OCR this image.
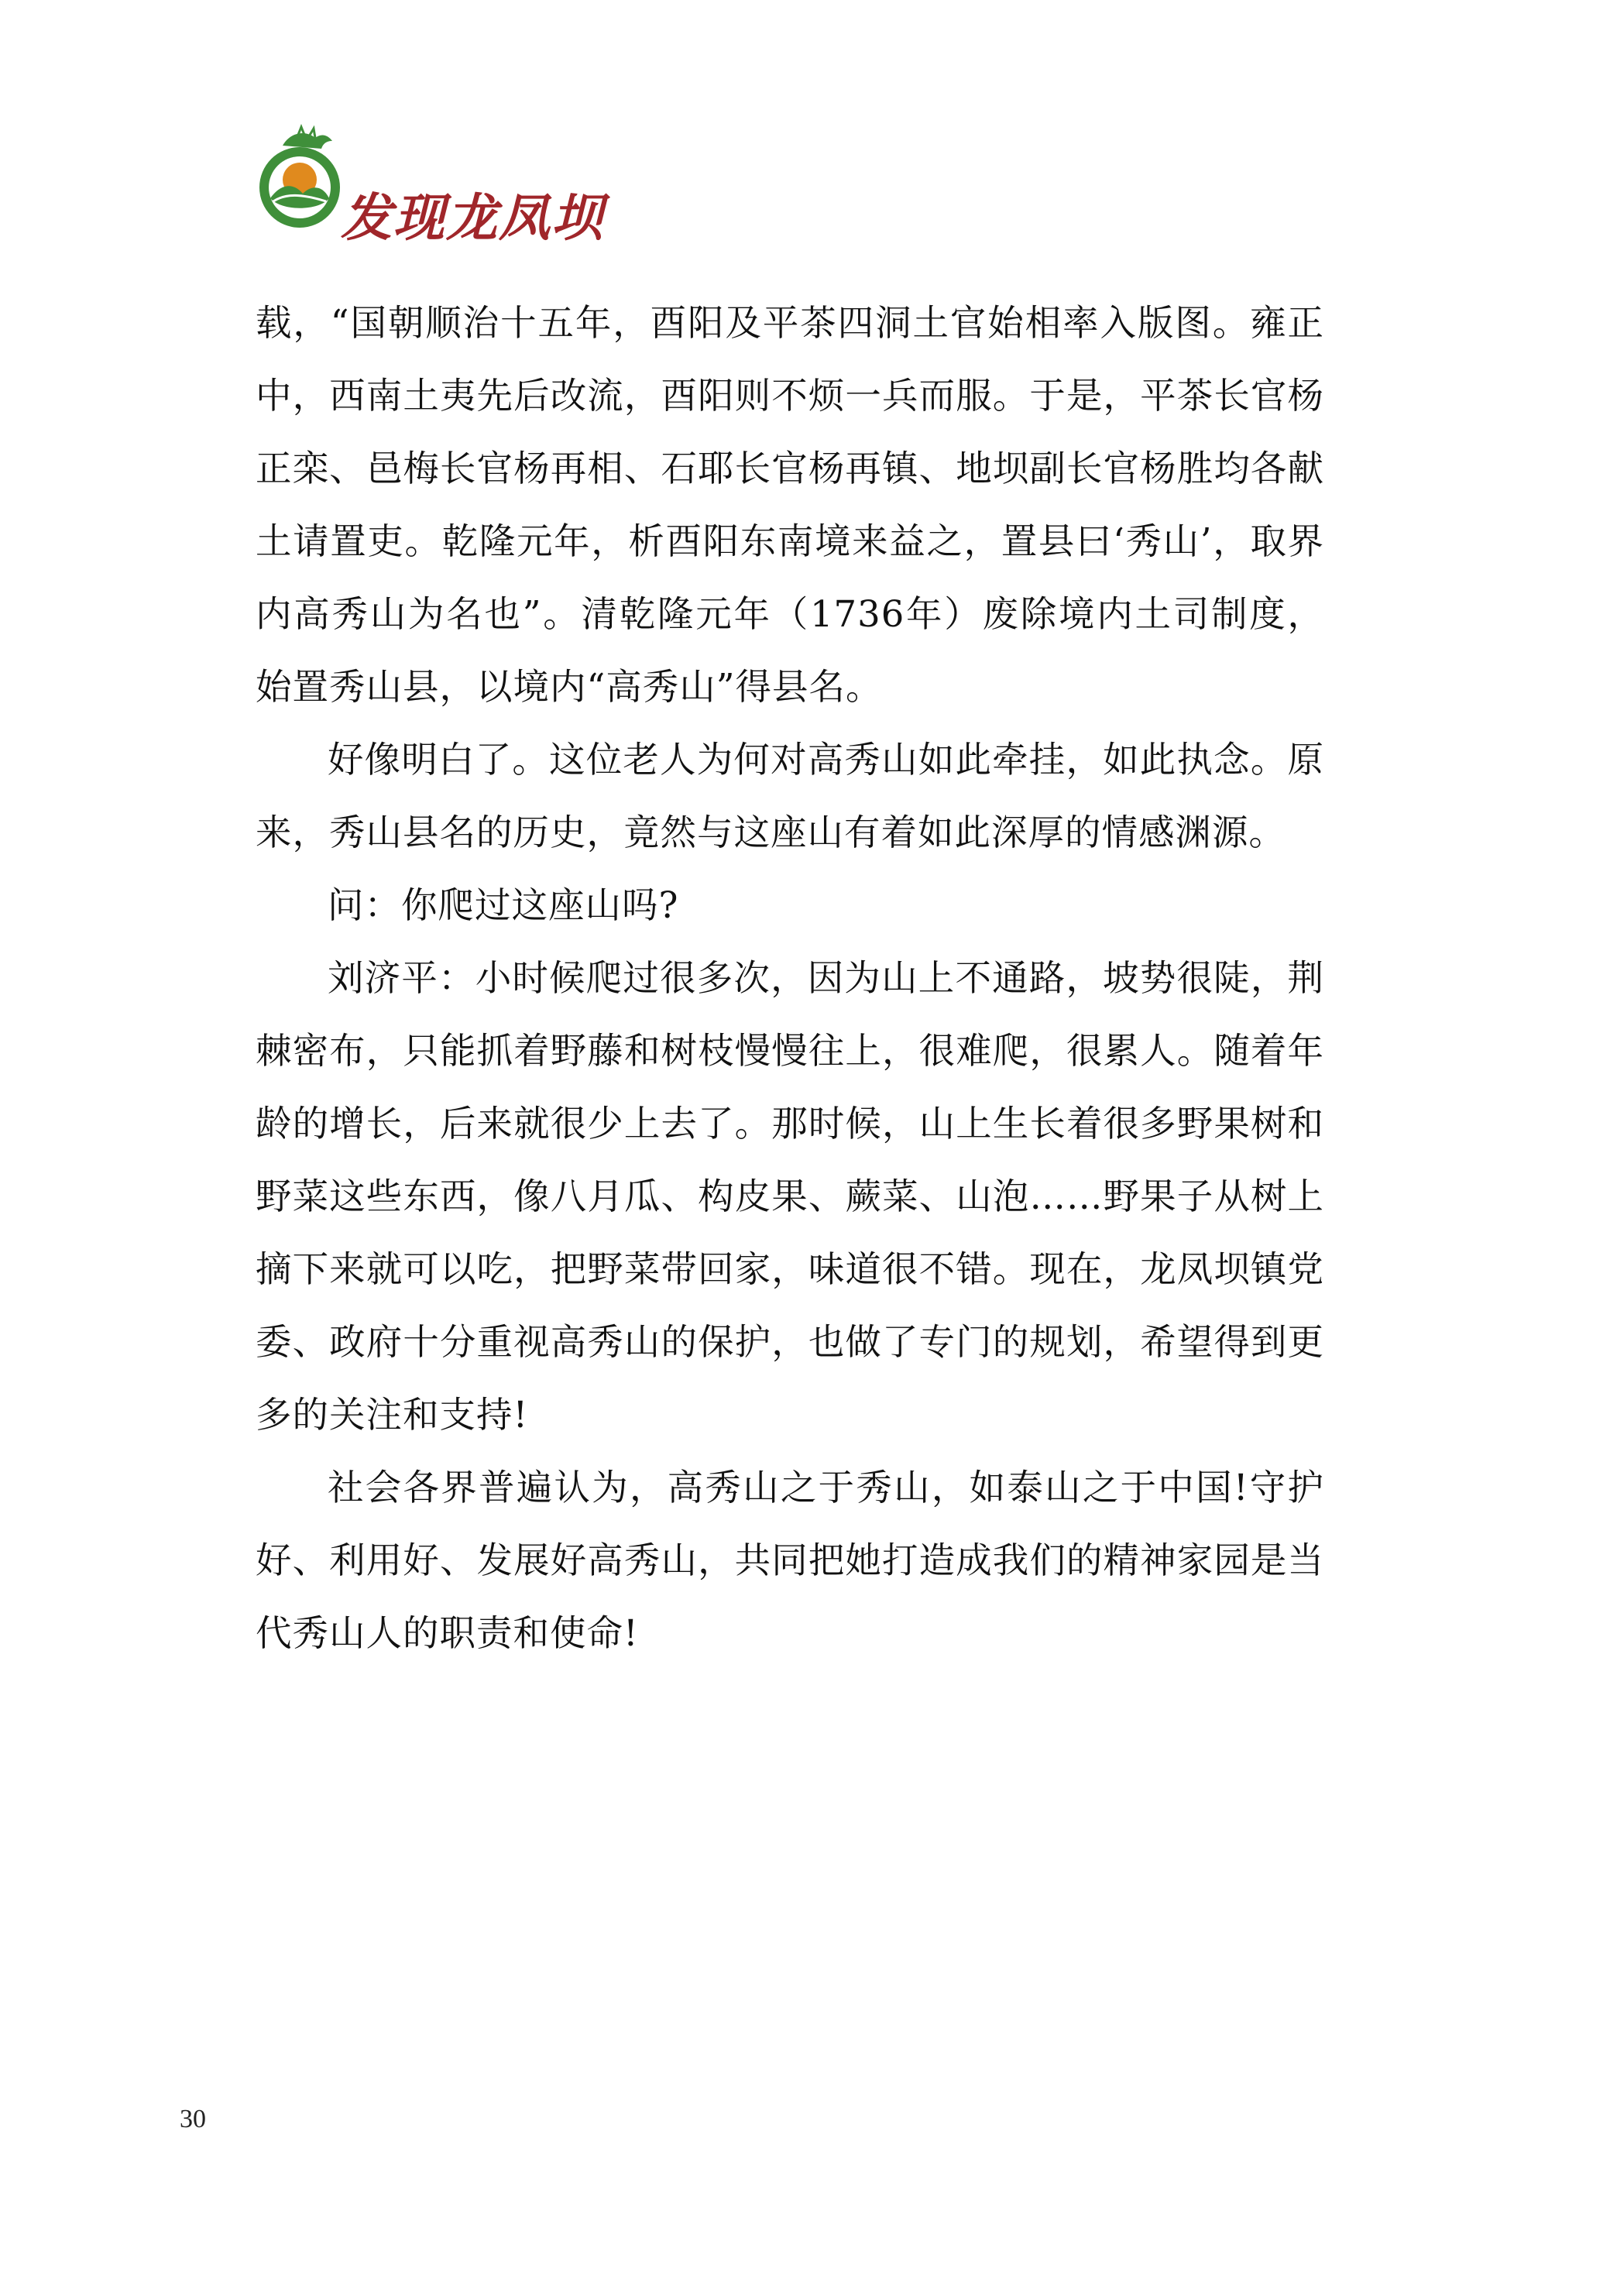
发现龙凤坝

载，“国朝顺治十五年，酉阳及平茶四洞土官始相率入版图。雍正中，西南土夷先后改流，酉阳则不烦一兵而服。于是，平茶长官杨正栾、邑梅长官杨再相、石耶长官杨再镇、地坝副长官杨胜均各献土请置吏。乾隆元年，析酉阳东南境来益之，置县曰‘秀山’，取界内高秀山为名也”。清乾隆元年（1736年）废除境内土司制度，始置秀山县，以境内“高秀山”得县名。

好像明白了。这位老人为何对高秀山如此牵挂，如此执念。原来，秀山县名的历史，竟然与这座山有着如此深厚的情感渊源。

问：你爬过这座山吗?

刘济平：小时候爬过很多次，因为山上不通路，坡势很陡，荆棘密布，只能抓着野藤和树枝慢慢往上，很难爬，很累人。随着年龄的增长，后来就很少上去了。那时候，山上生长着很多野果树和野菜这些东西，像八月瓜、构皮果、蕨菜、山泡……野果子从树上摘下来就可以吃，把野菜带回家，味道很不错。现在，龙凤坝镇党委、政府十分重视高秀山的保护，也做了专门的规划，希望得到更多的关注和支持!

社会各界普遍认为，高秀山之于秀山，如泰山之于中国!守护好、利用好、发展好高秀山，共同把她打造成我们的精神家园是当代秀山人的职责和使命!

30
